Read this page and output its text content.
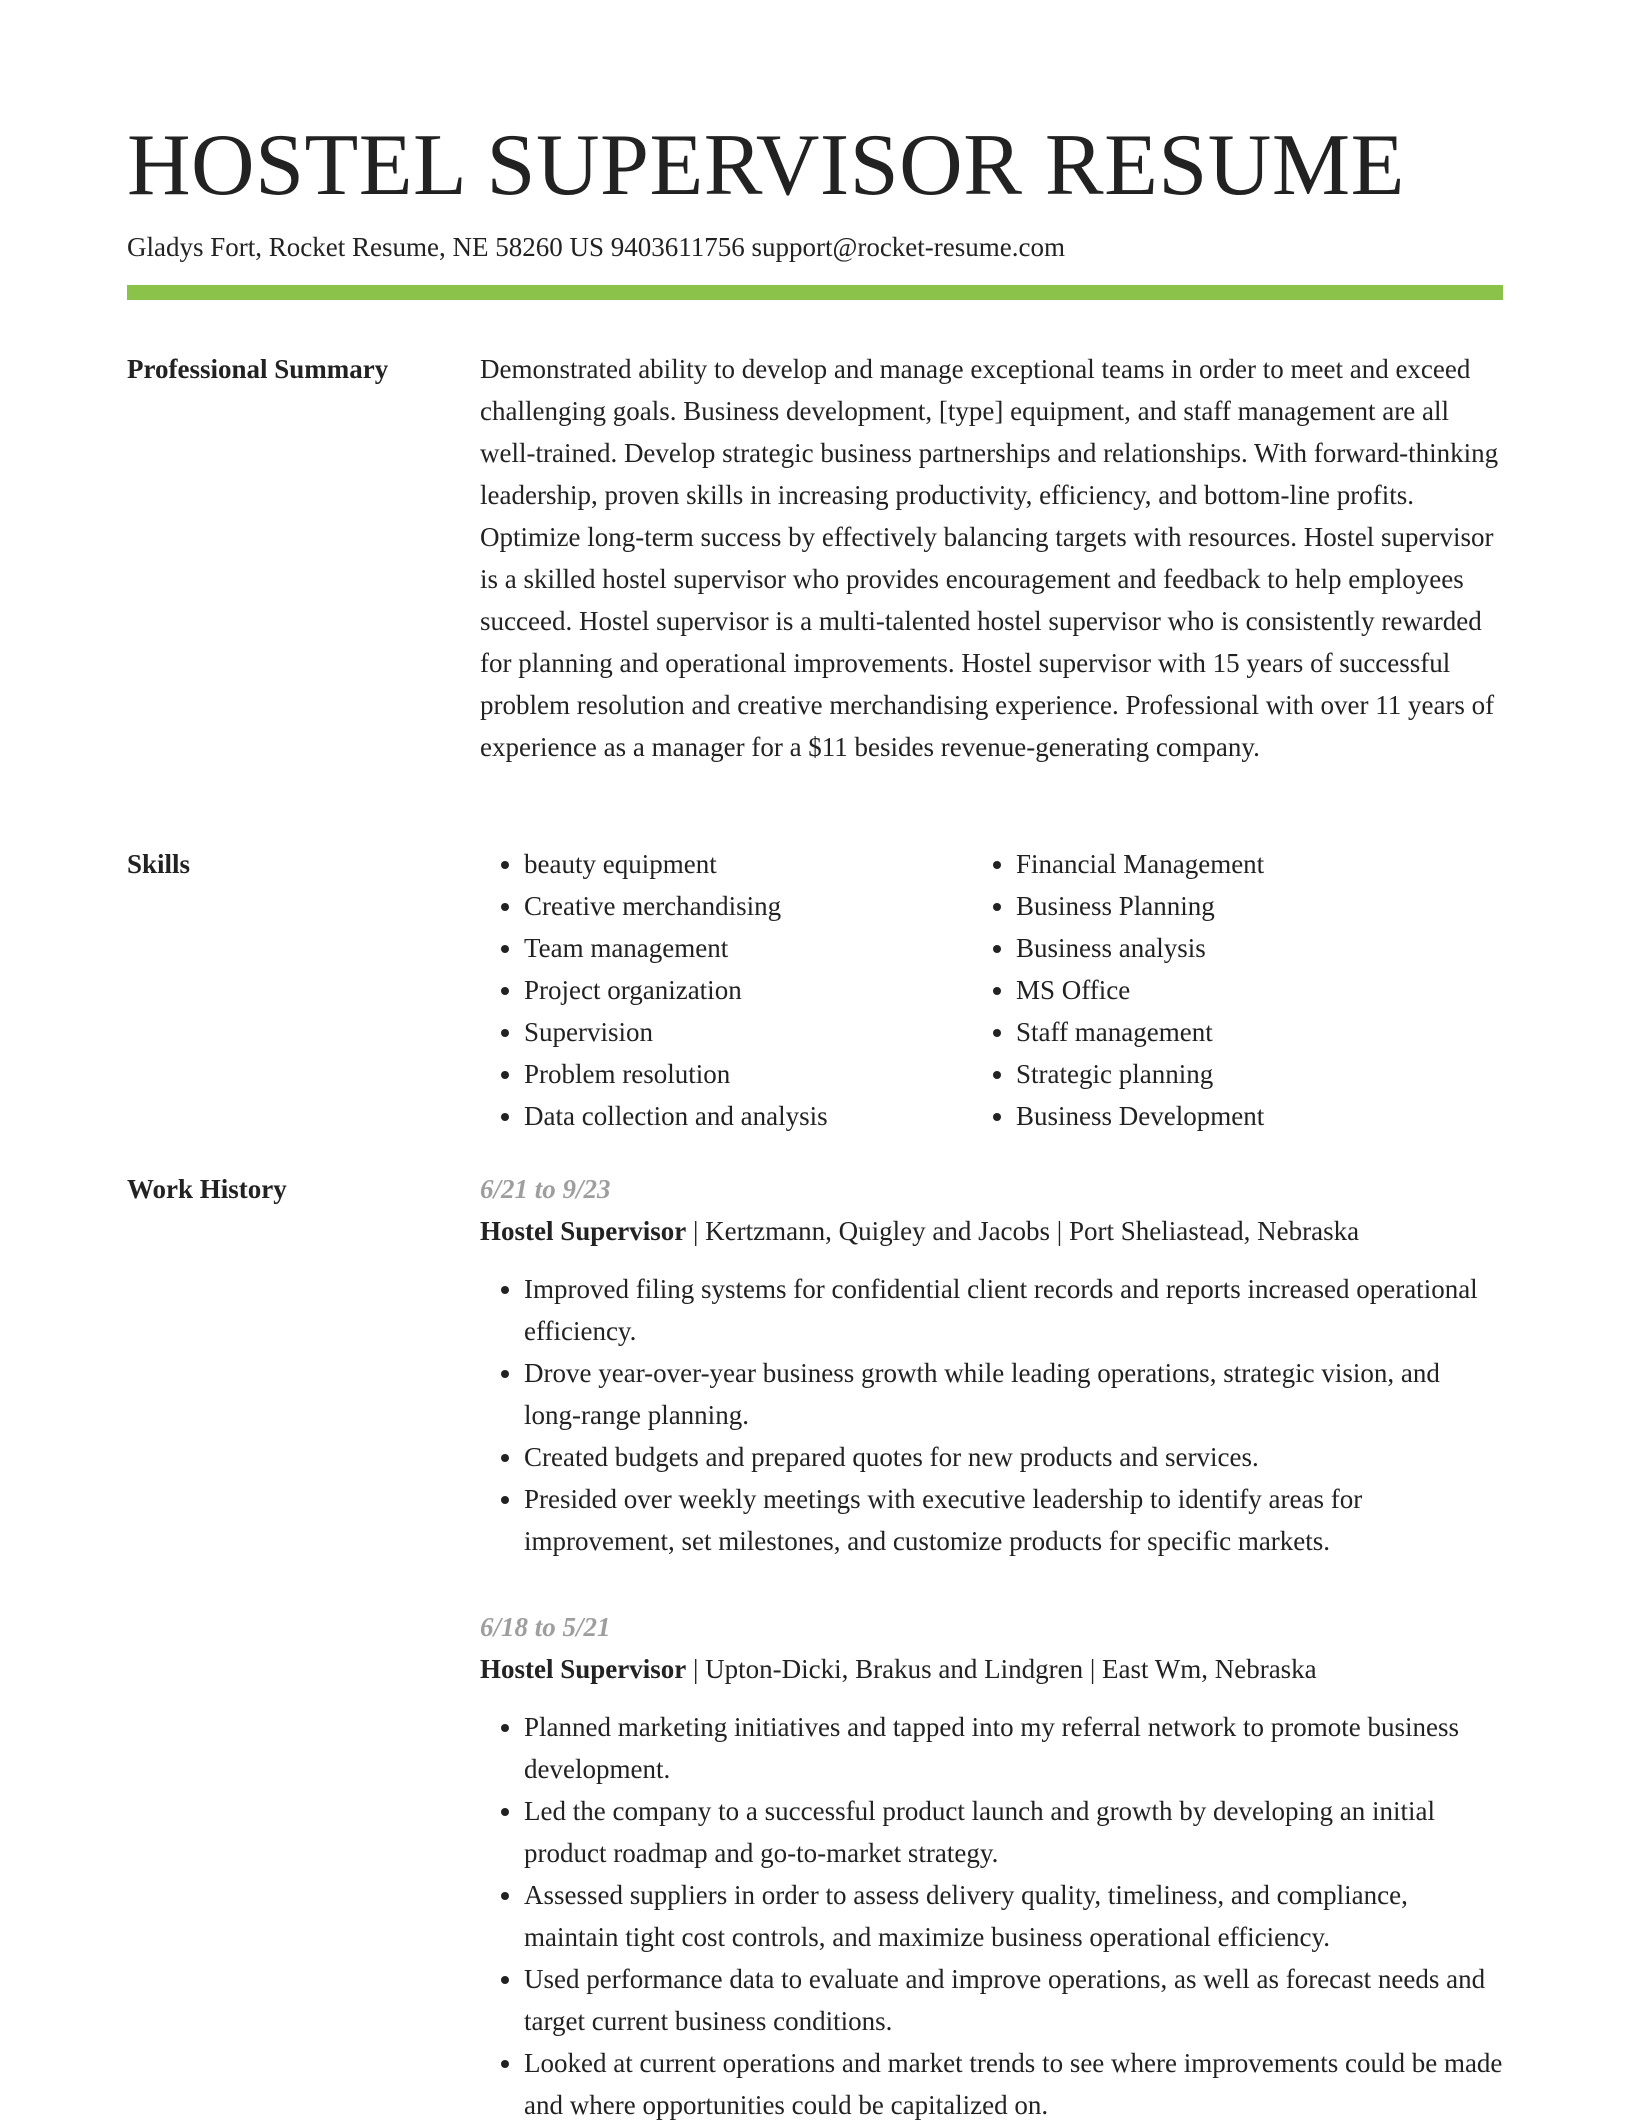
HOSTEL SUPERVISOR RESUME
Gladys Fort, Rocket Resume, NE 58260 US 9403611756 support@rocket-resume.com
Professional Summary	Demonstrated ability to develop and manage exceptional teams in order to meet and exceed challenging goals. Business development, [type] equipment, and staff management are all well-trained. Develop strategic business partnerships and relationships. With forward-thinking leadership, proven skills in increasing productivity, efficiency, and bottom-line profits. Optimize long-term success by effectively balancing targets with resources. Hostel supervisor is a skilled hostel supervisor who provides encouragement and feedback to help employees succeed. Hostel supervisor is a multi-talented hostel supervisor who is consistently rewarded for planning and operational improvements. Hostel supervisor with 15 years of successful problem resolution and creative merchandising experience. Professional with over 11 years of experience as a manager for a $11 besides revenue-generating company.

Skills
•	beauty equipment
• Creative merchandising
• Team management
• Project organization
• Supervision
• Problem resolution
• Data collection and analysis
• Financial Management
• Business Planning
• Business analysis
• MS Office
• Staff management
• Strategic planning
• Business Development
Work History	6/21 to 9/23
Hostel Supervisor | Kertzmann, Quigley and Jacobs | Port Sheliastead, Nebraska
• Improved filing systems for confidential client records and reports increased operational efficiency.
• Drove year-over-year business growth while leading operations, strategic vision, and long-range planning.
• Created budgets and prepared quotes for new products and services.
• Presided over weekly meetings with executive leadership to identify areas for improvement, set milestones, and customize products for specific markets.
6/18 to 5/21
Hostel Supervisor | Upton-Dicki, Brakus and Lindgren | East Wm, Nebraska
• Planned marketing initiatives and tapped into my referral network to promote business development.
• Led the company to a successful product launch and growth by developing an initial product roadmap and go-to-market strategy.
• Assessed suppliers in order to assess delivery quality, timeliness, and compliance, maintain tight cost controls, and maximize business operational efficiency.
• Used performance data to evaluate and improve operations, as well as forecast needs and target current business conditions.
• Looked at current operations and market trends to see where improvements could be made and where opportunities could be capitalized on.
